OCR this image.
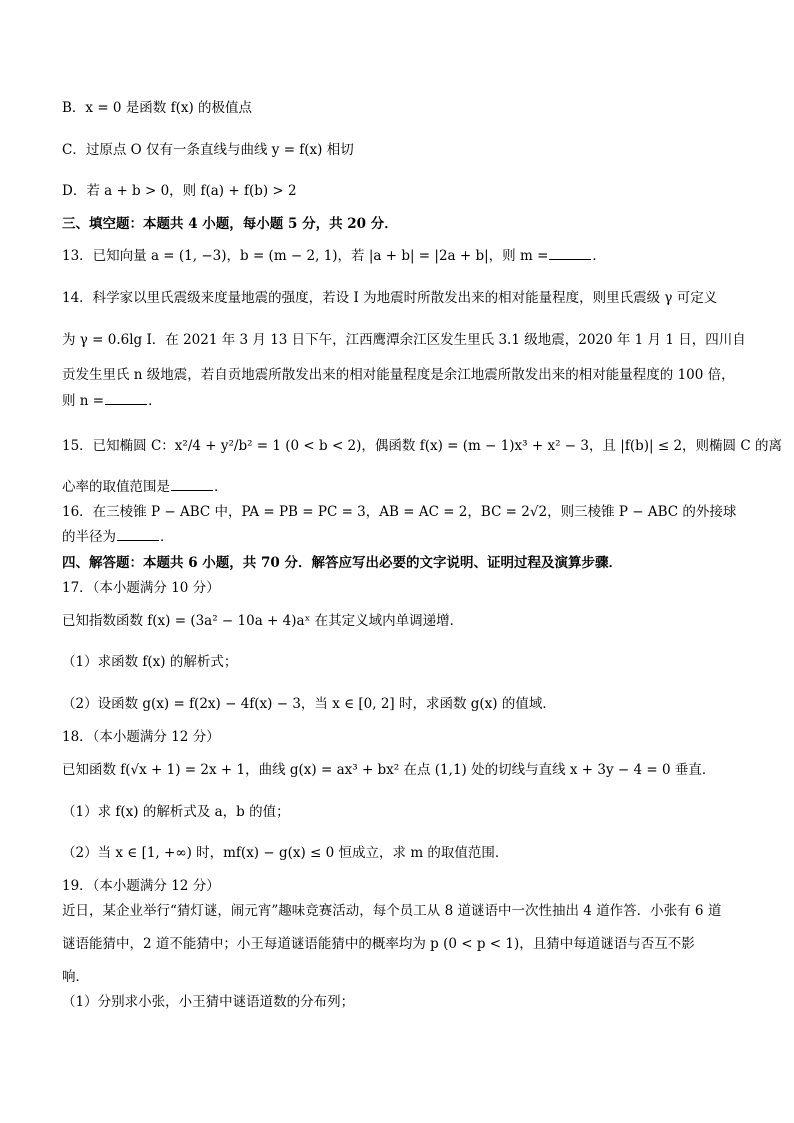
B．x = 0 是函数 f(x) 的极值点
C．过原点 O 仅有一条直线与曲线 y = f(x) 相切
D．若 a + b > 0，则 f(a) + f(b) > 2
三、填空题：本题共 4 小题，每小题 5 分，共 20 分．
13．已知向量 a = (1, −3)，b = (m − 2, 1)，若 |a + b| = |2a + b|，则 m =	．
14．科学家以里氏震级来度量地震的强度，若设 I 为地震时所散发出来的相对能量程度，则里氏震级 γ 可定义
为 γ = 0.6lg I．在 2021 年 3 月 13 日下午，江西鹰潭余江区发生里氏 3.1 级地震，2020 年 1 月 1 日，四川自
贡发生里氏 n 级地震，若自贡地震所散发出来的相对能量程度是余江地震所散发出来的相对能量程度的 100 倍，
则 n =	．
15．已知椭圆 C：x²/4 + y²/b² = 1 (0 < b < 2)，偶函数 f(x) = (m − 1)x³ + x² − 3，且 |f(b)| ≤ 2，则椭圆 C 的离
心率的取值范围是	．
16．在三棱锥 P − ABC 中，PA = PB = PC = 3，AB = AC = 2，BC = 2√2，则三棱锥 P − ABC 的外接球
的半径为	．
四、解答题：本题共 6 小题，共 70 分．解答应写出必要的文字说明、证明过程及演算步骤．
17．（本小题满分 10 分）
已知指数函数 f(x) = (3a² − 10a + 4)aˣ 在其定义域内单调递增．
（1）求函数 f(x) 的解析式；
（2）设函数 g(x) = f(2x) − 4f(x) − 3，当 x ∈ [0, 2] 时，求函数 g(x) 的值域．
18．（本小题满分 12 分）
已知函数 f(√x + 1) = 2x + 1，曲线 g(x) = ax³ + bx² 在点 (1,1) 处的切线与直线 x + 3y − 4 = 0 垂直．
（1）求 f(x) 的解析式及 a，b 的值；
（2）当 x ∈ [1, +∞) 时，mf(x) − g(x) ≤ 0 恒成立，求 m 的取值范围．
19．（本小题满分 12 分）
近日，某企业举行“猜灯谜，闹元宵”趣味竞赛活动，每个员工从 8 道谜语中一次性抽出 4 道作答．小张有 6 道
谜语能猜中，2 道不能猜中；小王每道谜语能猜中的概率均为 p (0 < p < 1)，且猜中每道谜语与否互不影
响．
（1）分别求小张，小王猜中谜语道数的分布列；
